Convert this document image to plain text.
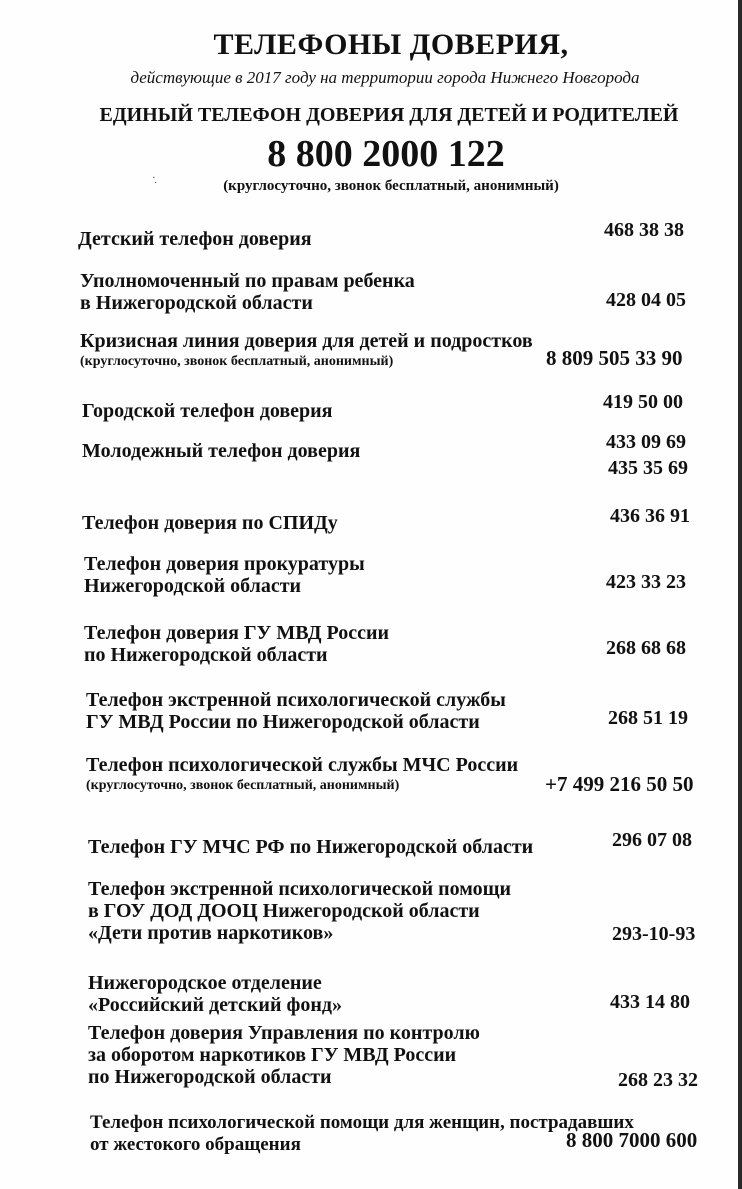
ТЕЛЕФОНЫ ДОВЕРИЯ,
действующие в 2017 году на территории города Нижнего Новгорода
ЕДИНЫЙ ТЕЛЕФОН ДОВЕРИЯ ДЛЯ ДЕТЕЙ И РОДИТЕЛЕЙ
8 800 2000 122
(круглосуточно, звонок бесплатный, анонимный)
·̣
Детский телефон доверия	468 38 38
Уполномоченный по правам ребенка
в Нижегородской области	428 04 05
Кризисная линия доверия для детей и подростков
(круглосуточно, звонок бесплатный, анонимный)	8 809 505 33 90
Городской телефон доверия	419 50 00
Молодежный телефон доверия	433 09 69
435 35 69
Телефон доверия по СПИДу	436 36 91
Телефон доверия прокуратуры
Нижегородской области	423 33 23
Телефон доверия ГУ МВД России
по Нижегородской области	268 68 68
Телефон экстренной психологической службы
ГУ МВД России по Нижегородской области	268 51 19
Телефон психологической службы МЧС России
(круглосуточно, звонок бесплатный, анонимный)	+7 499 216 50 50
Телефон ГУ МЧС РФ по Нижегородской области	296 07 08
Телефон экстренной психологической помощи
в ГОУ ДОД ДООЦ Нижегородской области
«Дети против наркотиков»	293-10-93
Нижегородское отделение
«Российский детский фонд»	433 14 80
Телефон доверия Управления по контролю
за оборотом наркотиков ГУ МВД России
по Нижегородской области	268 23 32
Телефон психологической помощи для женщин, пострадавших
от жестокого обращения	8 800 7000 600
